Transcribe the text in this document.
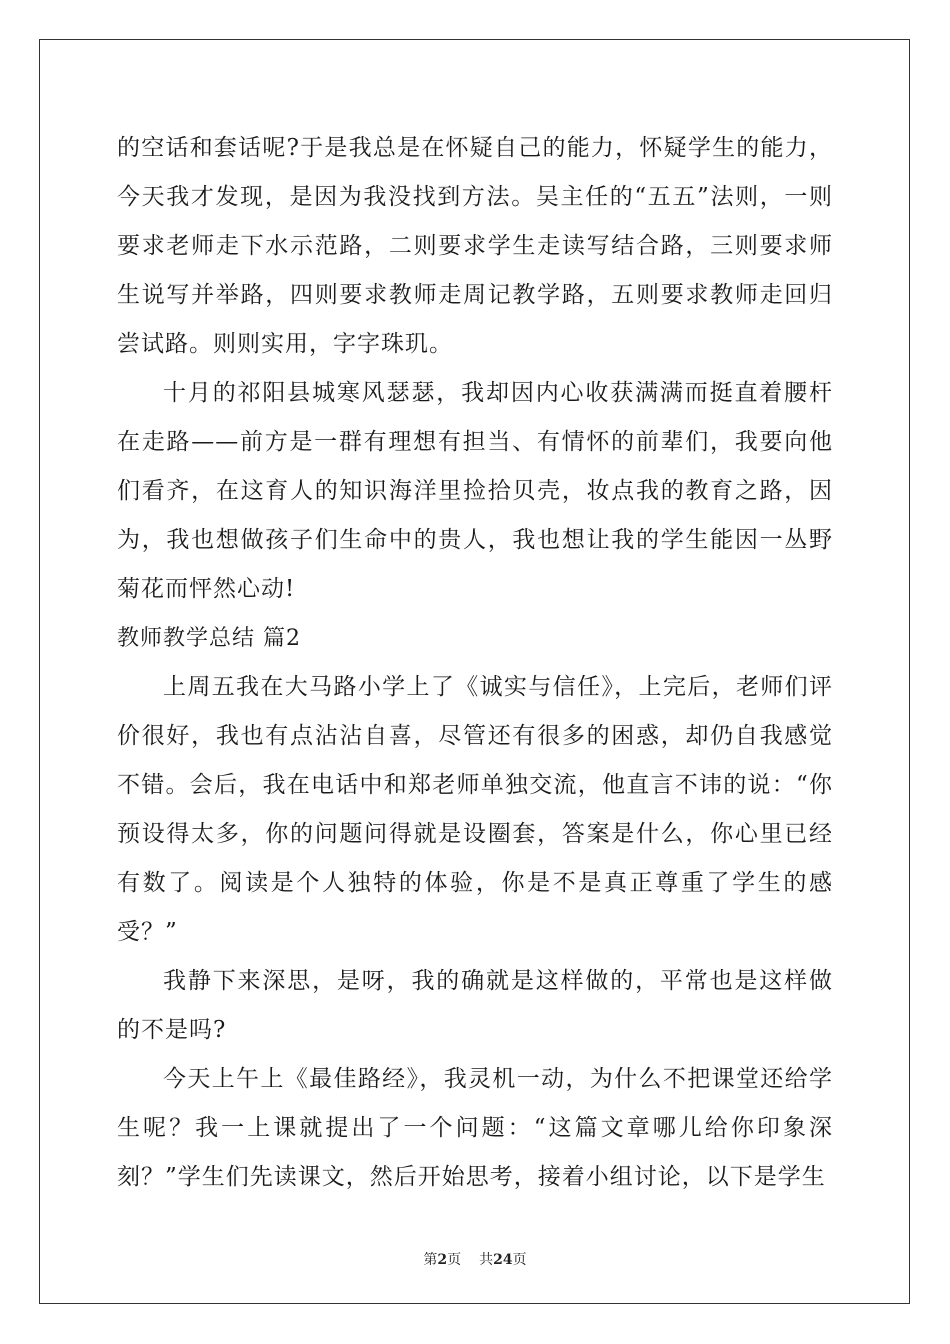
的空话和套话呢?于是我总是在怀疑自己的能力，怀疑学生的能力，今天我才发现，是因为我没找到方法。吴主任的“五五”法则，一则要求老师走下水示范路，二则要求学生走读写结合路，三则要求师生说写并举路，四则要求教师走周记教学路，五则要求教师走回归尝试路。则则实用，字字珠玑。

十月的祁阳县城寒风瑟瑟，我却因内心收获满满而挺直着腰杆在走路——前方是一群有理想有担当、有情怀的前辈们，我要向他们看齐，在这育人的知识海洋里捡拾贝壳，妆点我的教育之路，因为，我也想做孩子们生命中的贵人，我也想让我的学生能因一丛野菊花而怦然心动!

教师教学总结 篇2

上周五我在大马路小学上了《诚实与信任》，上完后，老师们评价很好，我也有点沾沾自喜，尽管还有很多的困惑，却仍自我感觉不错。会后，我在电话中和郑老师单独交流，他直言不讳的说：“你预设得太多，你的问题问得就是设圈套，答案是什么，你心里已经有数了。阅读是个人独特的体验，你是不是真正尊重了学生的感受？”

我静下来深思，是呀，我的确就是这样做的，平常也是这样做的不是吗?

今天上午上《最佳路经》，我灵机一动，为什么不把课堂还给学生呢？我一上课就提出了一个问题：“这篇文章哪儿给你印象深刻？”学生们先读课文，然后开始思考，接着小组讨论，以下是学生

第2页 共24页
